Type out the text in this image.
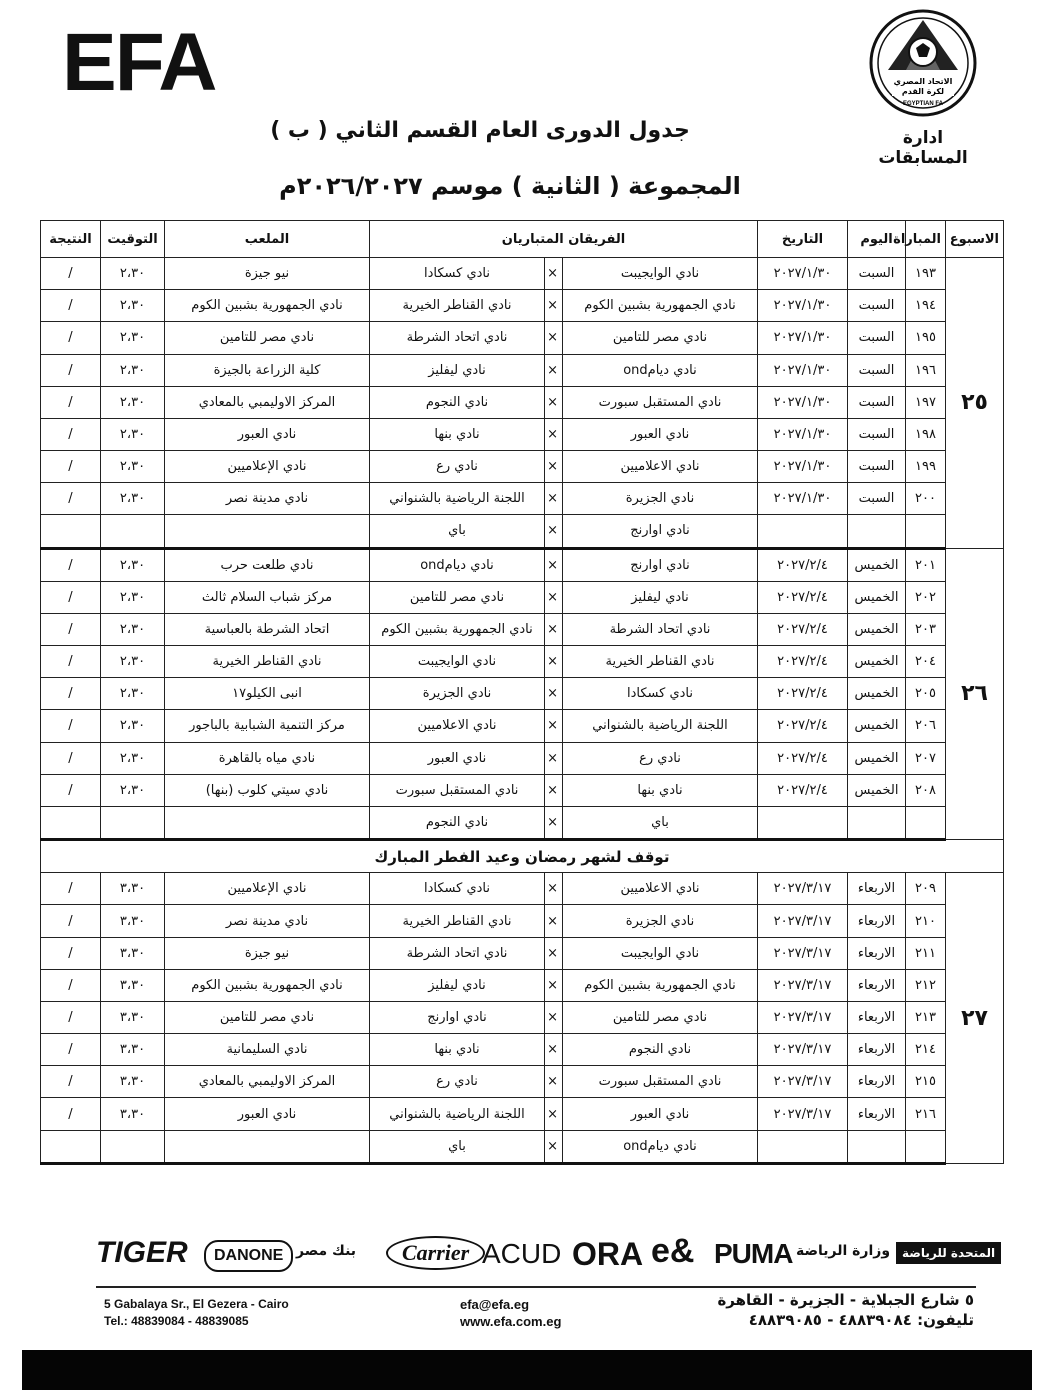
EFA	الاتحاد المصري
لكرة القدم
EGYPTIAN FA
ادارة المسابقات
جدول الدورى العام القسم الثاني ( ب )
المجموعة ( الثانية ) موسم ٢٠٢٦/٢٠٢٧م
الاسبوع	المباراة	اليوم	التاريخ	الفريقان المتباريان			الملعب	التوقيت	النتيجة
٢٥	١٩٣	السبت	٢٠٢٧/١/٣٠	نادي الوايجيبت	×	نادي كسكادا	نيو جيزة	٢،٣٠	/
	١٩٤	السبت	٢٠٢٧/١/٣٠	نادي الجمهورية بشبين الكوم	×	نادي القناطر الخيرية	نادي الجمهورية بشبين الكوم	٢،٣٠	/
	١٩٥	السبت	٢٠٢٧/١/٣٠	نادي مصر للتامين	×	نادي اتحاد الشرطة	نادي مصر للتامين	٢،٣٠	/
	١٩٦	السبت	٢٠٢٧/١/٣٠	نادي ديامond	×	نادي ليفليز	كلية الزراعة بالجيزة	٢،٣٠	/
	١٩٧	السبت	٢٠٢٧/١/٣٠	نادي المستقبل سبورت	×	نادي النجوم	المركز الاوليمبي بالمعادي	٢،٣٠	/
	١٩٨	السبت	٢٠٢٧/١/٣٠	نادي العبور	×	نادي بنها	نادي العبور	٢،٣٠	/
	١٩٩	السبت	٢٠٢٧/١/٣٠	نادي الاعلاميين	×	نادي رع	نادي الإعلاميين	٢،٣٠	/
	٢٠٠	السبت	٢٠٢٧/١/٣٠	نادي الجزيرة	×	اللجنة الرياضية بالشنواني	نادي مدينة نصر	٢،٣٠	/
				نادي اوارنج	×	باي			
٢٦	٢٠١	الخميس	٢٠٢٧/٢/٤	نادي اوارنج	×	نادي ديامond	نادي طلعت حرب	٢،٣٠	/
	٢٠٢	الخميس	٢٠٢٧/٢/٤	نادي ليفليز	×	نادي مصر للتامين	مركز شباب السلام ثالث	٢،٣٠	/
	٢٠٣	الخميس	٢٠٢٧/٢/٤	نادي اتحاد الشرطة	×	نادي الجمهورية بشبين الكوم	اتحاد الشرطة بالعباسية	٢،٣٠	/
	٢٠٤	الخميس	٢٠٢٧/٢/٤	نادي القناطر الخيرية	×	نادي الوايجيبت	نادي القناطر الخيرية	٢،٣٠	/
	٢٠٥	الخميس	٢٠٢٧/٢/٤	نادي كسكادا	×	نادي الجزيرة	انبى الكيلو١٧	٢،٣٠	/
	٢٠٦	الخميس	٢٠٢٧/٢/٤	اللجنة الرياضية بالشنواني	×	نادي الاعلاميين	مركز التنمية الشبابية بالباجور	٢،٣٠	/
	٢٠٧	الخميس	٢٠٢٧/٢/٤	نادي رع	×	نادي العبور	نادي مياه بالقاهرة	٢،٣٠	/
	٢٠٨	الخميس	٢٠٢٧/٢/٤	نادي بنها	×	نادي المستقبل سبورت	نادي سيتي كلوب (بنها)	٢،٣٠	/
				باي	×	نادي النجوم			
توقف لشهر رمضان وعيد الفطر المبارك									
٢٧	٢٠٩	الاربعاء	٢٠٢٧/٣/١٧	نادي الاعلاميين	×	نادي كسكادا	نادي الإعلاميين	٣،٣٠	/
	٢١٠	الاربعاء	٢٠٢٧/٣/١٧	نادي الجزيرة	×	نادي القناطر الخيرية	نادي مدينة نصر	٣،٣٠	/
	٢١١	الاربعاء	٢٠٢٧/٣/١٧	نادي الوايجيبت	×	نادي اتحاد الشرطة	نيو جيزة	٣،٣٠	/
	٢١٢	الاربعاء	٢٠٢٧/٣/١٧	نادي الجمهورية بشبين الكوم	×	نادي ليفليز	نادي الجمهورية بشبين الكوم	٣،٣٠	/
	٢١٣	الاربعاء	٢٠٢٧/٣/١٧	نادي مصر للتامين	×	نادي اوارنج	نادي مصر للتامين	٣،٣٠	/
	٢١٤	الاربعاء	٢٠٢٧/٣/١٧	نادي النجوم	×	نادي بنها	نادي السليمانية	٣،٣٠	/
	٢١٥	الاربعاء	٢٠٢٧/٣/١٧	نادي المستقبل سبورت	×	نادي رع	المركز الاوليمبي بالمعادي	٣،٣٠	/
	٢١٦	الاربعاء	٢٠٢٧/٣/١٧	نادي العبور	×	اللجنة الرياضية بالشنواني	نادي العبور	٣،٣٠	/
				نادي ديامond	×	باي			
TIGER	DANONE بنك مصر	Carrier ACUD ORA e& PUMA وزارة الرياضة المتحدة للرياضة
5 Gabalaya Sr., El Gezera - Cairo
Tel.: 48839084 - 48839085
efa@efa.eg
www.efa.com.eg
٥ شارع الجبلاية - الجزيرة - القاهرة
تليفون: ٤٨٨٣٩٠٨٤ - ٤٨٨٣٩٠٨٥
